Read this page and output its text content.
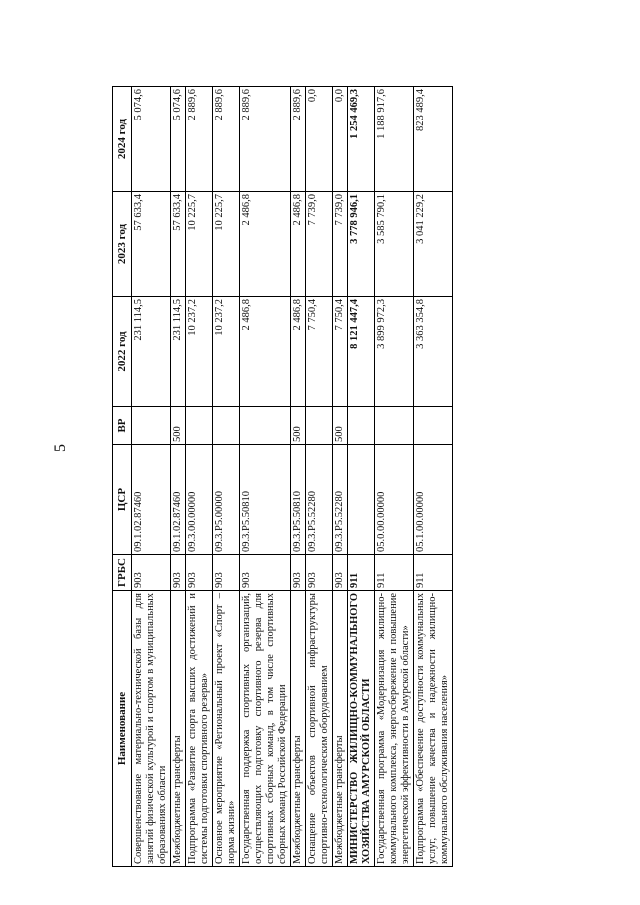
5
Наименование	ГРБС	ЦСР	ВР	2022 год	2023 год	2024 год
Совершенствование материально-технической базы для занятий физической культурой и спортом в муниципальных образованиях области	903	09.1.02.87460		231 114,5	57 633,4	5 074,6
Межбюджетные трансферты	903	09.1.02.87460	500	231 114,5	57 633,4	5 074,6
Подпрограмма «Развитие спорта высших достижений и системы подготовки спортивного резерва»	903	09.3.00.00000		10 237,2	10 225,7	2 889,6
Основное мероприятие «Региональный проект «Спорт – норма жизни»	903	09.3.P5.00000		10 237,2	10 225,7	2 889,6
Государственная поддержка спортивных организаций, осуществляющих подготовку спортивного резерва для спортивных сборных команд, в том числе спортивных сборных команд Российской Федерации	903	09.3.P5.50810		2 486,8	2 486,8	2 889,6
Межбюджетные трансферты	903	09.3.P5.50810	500	2 486,8	2 486,8	2 889,6
Оснащение объектов спортивной инфраструктуры спортивно-технологическим оборудованием	903	09.3.P5.52280		7 750,4	7 739,0	0,0
Межбюджетные трансферты	903	09.3.P5.52280	500	7 750,4	7 739,0	0,0
МИНИСТЕРСТВО ЖИЛИЩНО-КОММУНАЛЬНОГО ХОЗЯЙСТВА АМУРСКОЙ ОБЛАСТИ	911			8 121 447,4	3 778 946,1	1 254 469,3
Государственная программа «Модернизация жилищно-коммунального комплекса, энергосбережение и повышение энергетической эффективности в Амурской области»	911	05.0.00.00000		3 899 972,3	3 585 790,1	1 188 917,6
Подпрограмма «Обеспечение доступности коммунальных услуг, повышение качества и надежности жилищно-коммунального обслуживания населения»	911	05.1.00.00000		3 363 354,8	3 041 229,2	823 489,4
